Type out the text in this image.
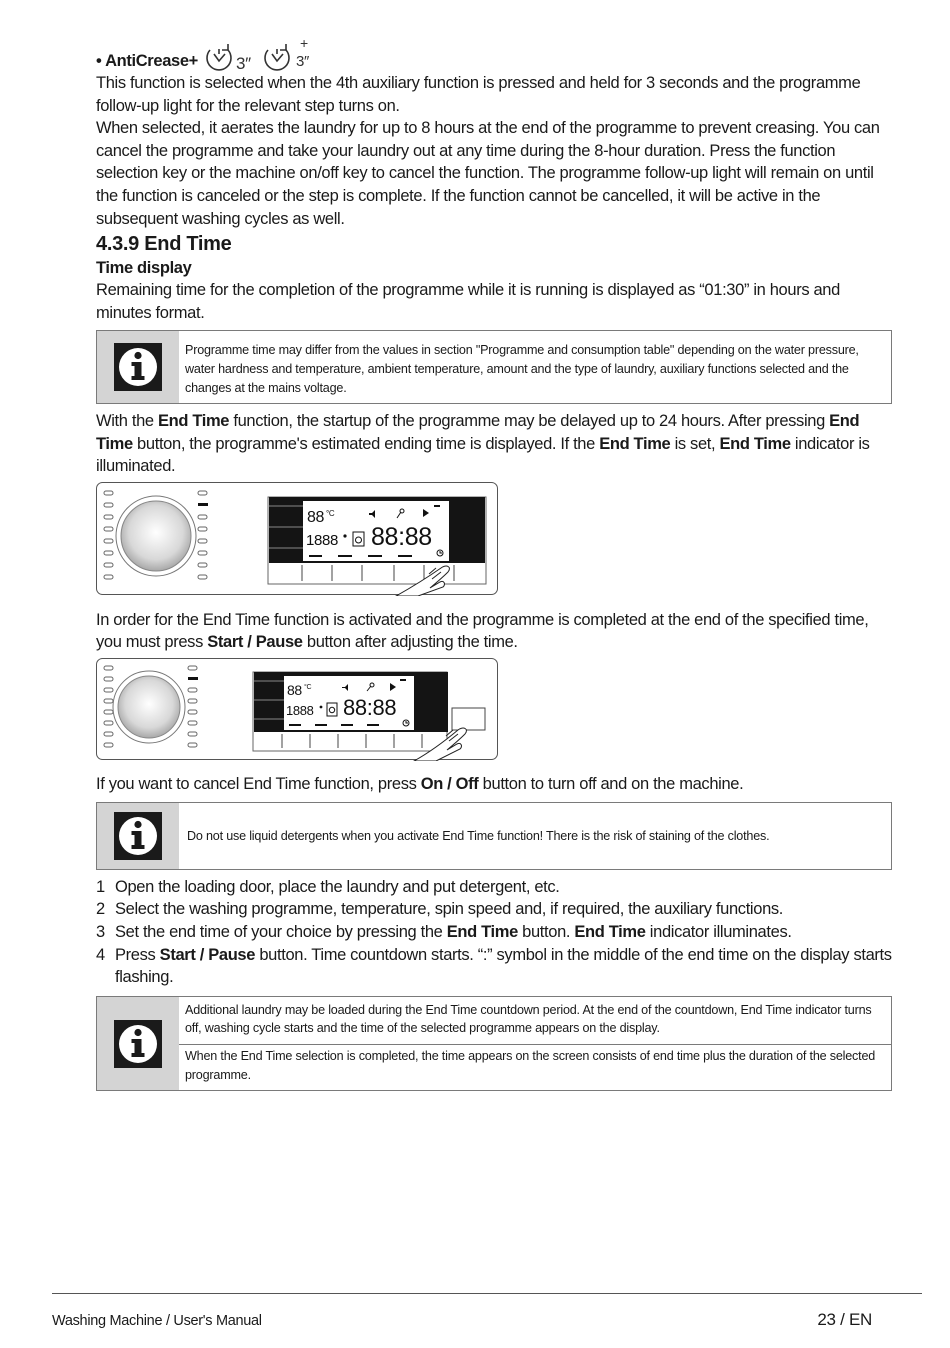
• AntiCrease+ 3″
+
3″

This function is selected when the 4th auxiliary function is pressed and held for 3 seconds and the programme follow-up light for the relevant step turns on.

When selected, it aerates the laundry for up to 8 hours at the end of the programme to prevent creasing. You can cancel the programme and take your laundry out at any time during the 8-hour duration. Press the function selection key or the machine on/off key to cancel the function. The programme follow-up light will remain on until the function is canceled or the step is complete. If the function cannot be cancelled, it will be active in the subsequent washing cycles as well.

4.3.9 End Time
Time display

Remaining time for the completion of the programme while it is running is displayed as “01:30” in hours and minutes format.

Programme time may differ from the values in section "Programme and consumption table" depending on the water pressure, water hardness and temperature, ambient temperature, amount and the type of laundry, auxiliary functions selected and the changes at the mains voltage.

With the End Time function, the startup of the programme may be delayed up to 24 hours. After pressing End Time button, the programme's estimated ending time is displayed. If the End Time is set, End Time indicator is illuminated.

88 °C
1888 88:88

In order for the End Time function is activated and the programme is completed at the end of the specified time, you must press Start / Pause button after adjusting the time.

88 °C
1888 88:88

If you want to cancel End Time function, press On / Off button to turn off and on the machine.

Do not use liquid detergents when you activate End Time function! There is the risk of staining of the clothes.
1 Open the loading door, place the laundry and put detergent, etc.
2 Select the washing programme, temperature, spin speed and, if required, the auxiliary functions.
3 Set the end time of your choice by pressing the End Time button. End Time indicator illuminates.
4 Press Start / Pause button. Time countdown starts. “:” symbol in the middle of the end time on the display starts flashing.
Additional laundry may be loaded during the End Time countdown period. At the end of the countdown, End Time indicator turns off, washing cycle starts and the time of the selected programme appears on the display.
When the End Time selection is completed, the time appears on the screen consists of end time plus the duration of the selected programme.
Washing Machine / User's Manual	23 / EN
